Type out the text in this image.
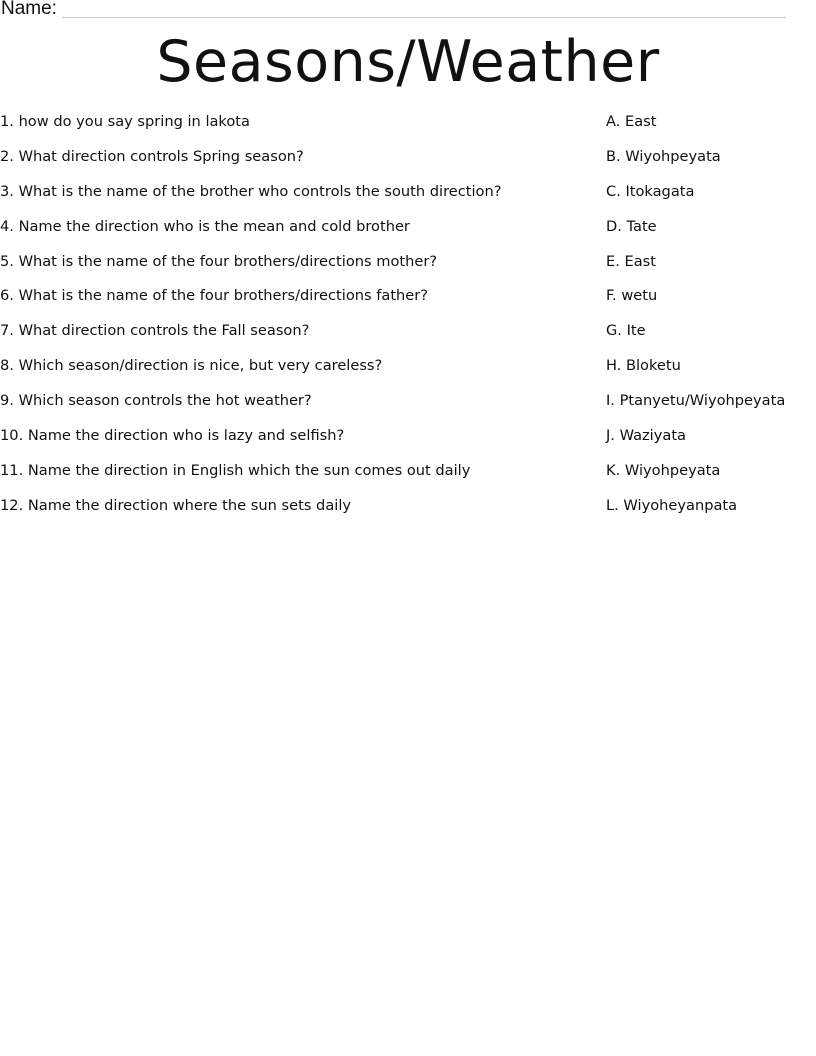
Name:
Seasons/Weather
1. how do you say spring in lakota
2. What direction controls Spring season?
3. What is the name of the brother who controls the south direction?
4. Name the direction who is the mean and cold brother
5. What is the name of the four brothers/directions mother?
6. What is the name of the four brothers/directions father?
7. What direction controls the Fall season?
8. Which season/direction is nice, but very careless?
9. Which season controls the hot weather?
10. Name the direction who is lazy and selfish?
11. Name the direction in English which the sun comes out daily
12. Name the direction where the sun sets daily
A. East
B. Wiyohpeyata
C. Itokagata
D. Tate
E. East
F. wetu
G. Ite
H. Bloketu
I. Ptanyetu/Wiyohpeyata
J. Waziyata
K. Wiyohpeyata
L. Wiyoheyanpata
